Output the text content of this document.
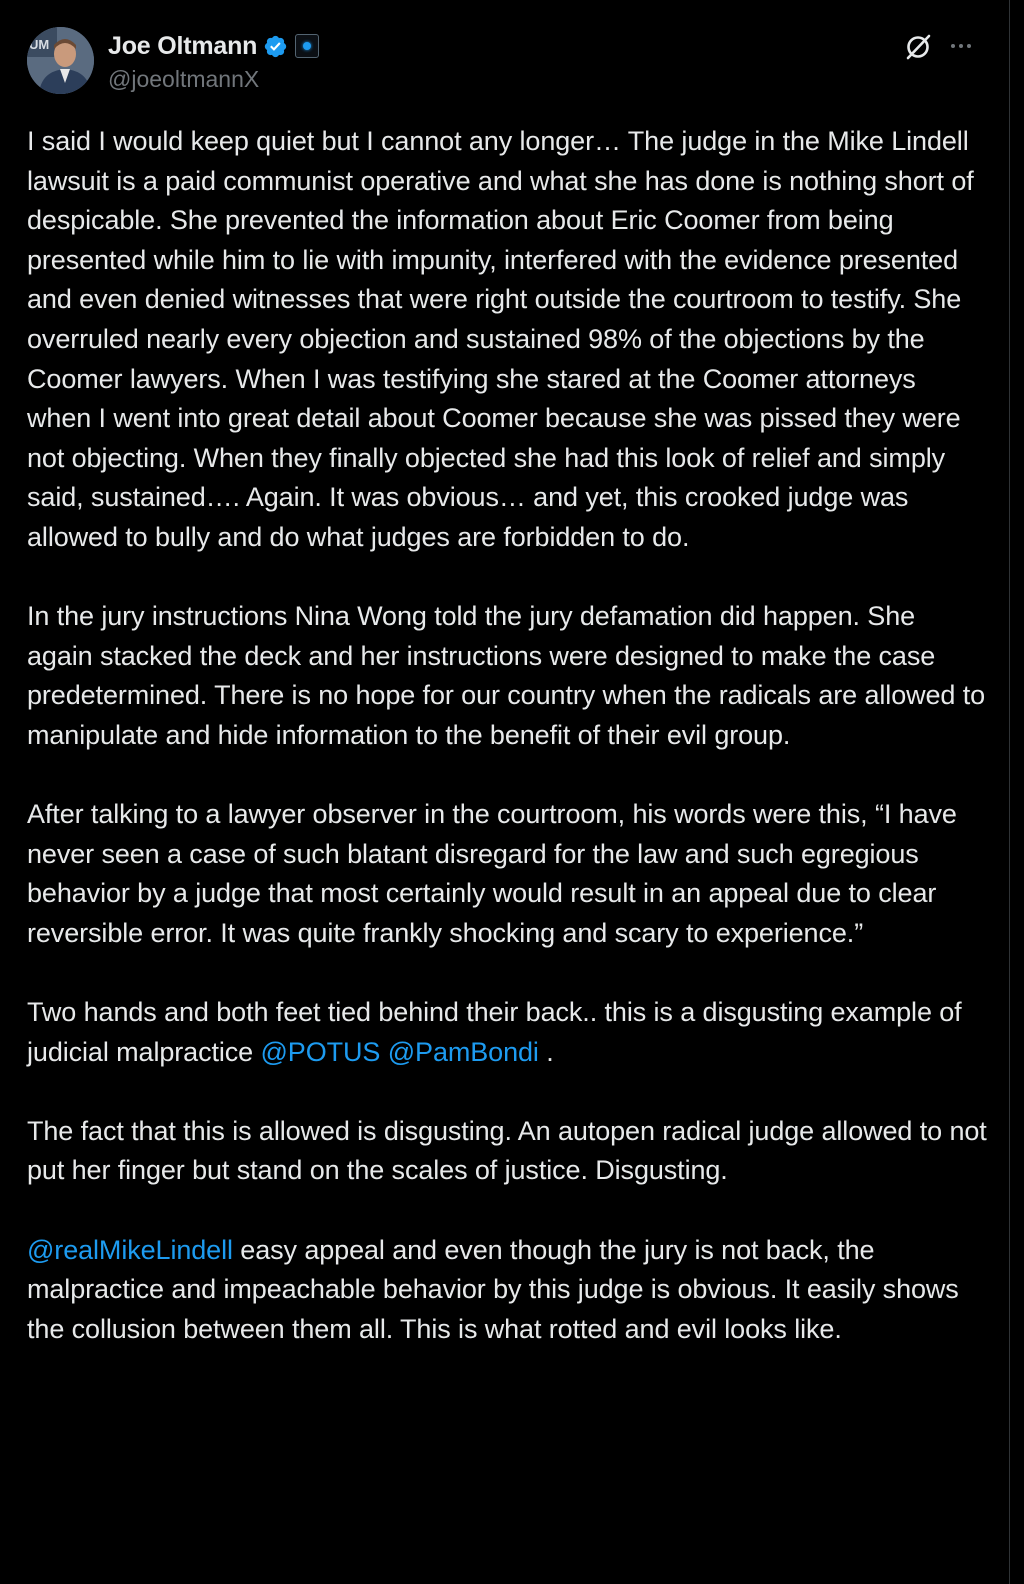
UM Joe Oltmann
@joeoltmannX

I said I would keep quiet but I cannot any longer… The judge in the Mike Lindell lawsuit is a paid communist operative and what she has done is nothing short of despicable. She prevented the information about Eric Coomer from being presented while him to lie with impunity, interfered with the evidence presented and even denied witnesses that were right outside the courtroom to testify. She overruled nearly every objection and sustained 98% of the objections by the Coomer lawyers. When I was testifying she stared at the Coomer attorneys when I went into great detail about Coomer because she was pissed they were not objecting. When they finally objected she had this look of relief and simply said, sustained…. Again. It was obvious… and yet, this crooked judge was allowed to bully and do what judges are forbidden to do.

In the jury instructions Nina Wong told the jury defamation did happen. She again stacked the deck and her instructions were designed to make the case predetermined. There is no hope for our country when the radicals are allowed to manipulate and hide information to the benefit of their evil group.

After talking to a lawyer observer in the courtroom, his words were this, “I have never seen a case of such blatant disregard for the law and such egregious behavior by a judge that most certainly would result in an appeal due to clear reversible error. It was quite frankly shocking and scary to experience.”

Two hands and both feet tied behind their back.. this is a disgusting example of judicial malpractice @POTUS @PamBondi .

The fact that this is allowed is disgusting. An autopen radical judge allowed to not put her finger but stand on the scales of justice. Disgusting.

@realMikeLindell easy appeal and even though the jury is not back, the malpractice and impeachable behavior by this judge is obvious. It easily shows the collusion between them all. This is what rotted and evil looks like.
